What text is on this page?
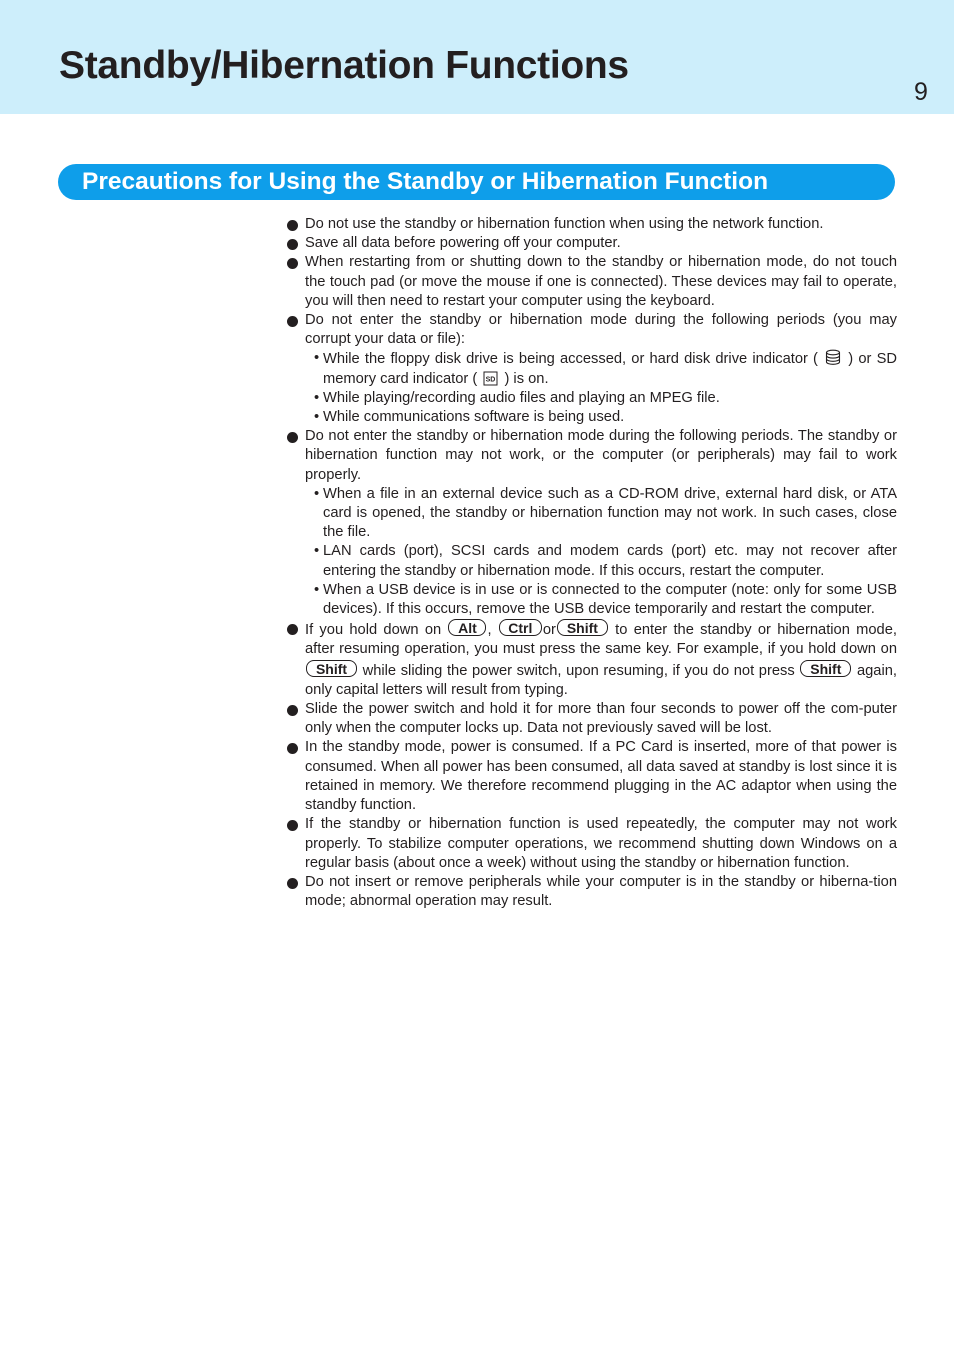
Standby/Hibernation Functions
9
Precautions for Using the Standby or Hibernation Function
Do not use the standby or hibernation function when using the network function.
Save all data before powering off your computer.
When restarting from or shutting down to the standby or hibernation mode, do not touch the touch pad (or move the mouse if one is connected). These devices may fail to operate, you will then need to restart your computer using the keyboard.
Do not enter the standby or hibernation mode during the following periods (you may corrupt your data or file):
• While the floppy disk drive is being accessed, or hard disk drive indicator ( ) or SD memory card indicator ( SD ) is on.
• While playing/recording audio files and playing an MPEG file.
• While communications software is being used.
Do not enter the standby or hibernation mode during the following periods. The standby or hibernation function may not work, or the computer (or peripherals) may fail to work properly.
• When a file in an external device such as a CD-ROM drive, external hard disk, or ATA card is opened, the standby or hibernation function may not work. In such cases, close the file.
• LAN cards (port), SCSI cards and modem cards (port) etc. may not recover after entering the standby or hibernation mode. If this occurs, restart the computer.
• When a USB device is in use or is connected to the computer (note: only for some USB devices). If this occurs, remove the USB device temporarily and restart the computer.
If you hold down on Alt , Ctrl or Shift to enter the standby or hibernation mode, after resuming operation, you must press the same key. For example, if you hold down on Shift while sliding the power switch, upon resuming, if you do not press Shift again, only capital letters will result from typing.
Slide the power switch and hold it for more than four seconds to power off the com-puter only when the computer locks up. Data not previously saved will be lost.
In the standby mode, power is consumed. If a PC Card is inserted, more of that power is consumed. When all power has been consumed, all data saved at standby is lost since it is retained in memory. We therefore recommend plugging in the AC adaptor when using the standby function.
If the standby or hibernation function is used repeatedly, the computer may not work properly. To stabilize computer operations, we recommend shutting down Windows on a regular basis (about once a week) without using the standby or hibernation function.
Do not insert or remove peripherals while your computer is in the standby or hiberna-tion mode; abnormal operation may result.
